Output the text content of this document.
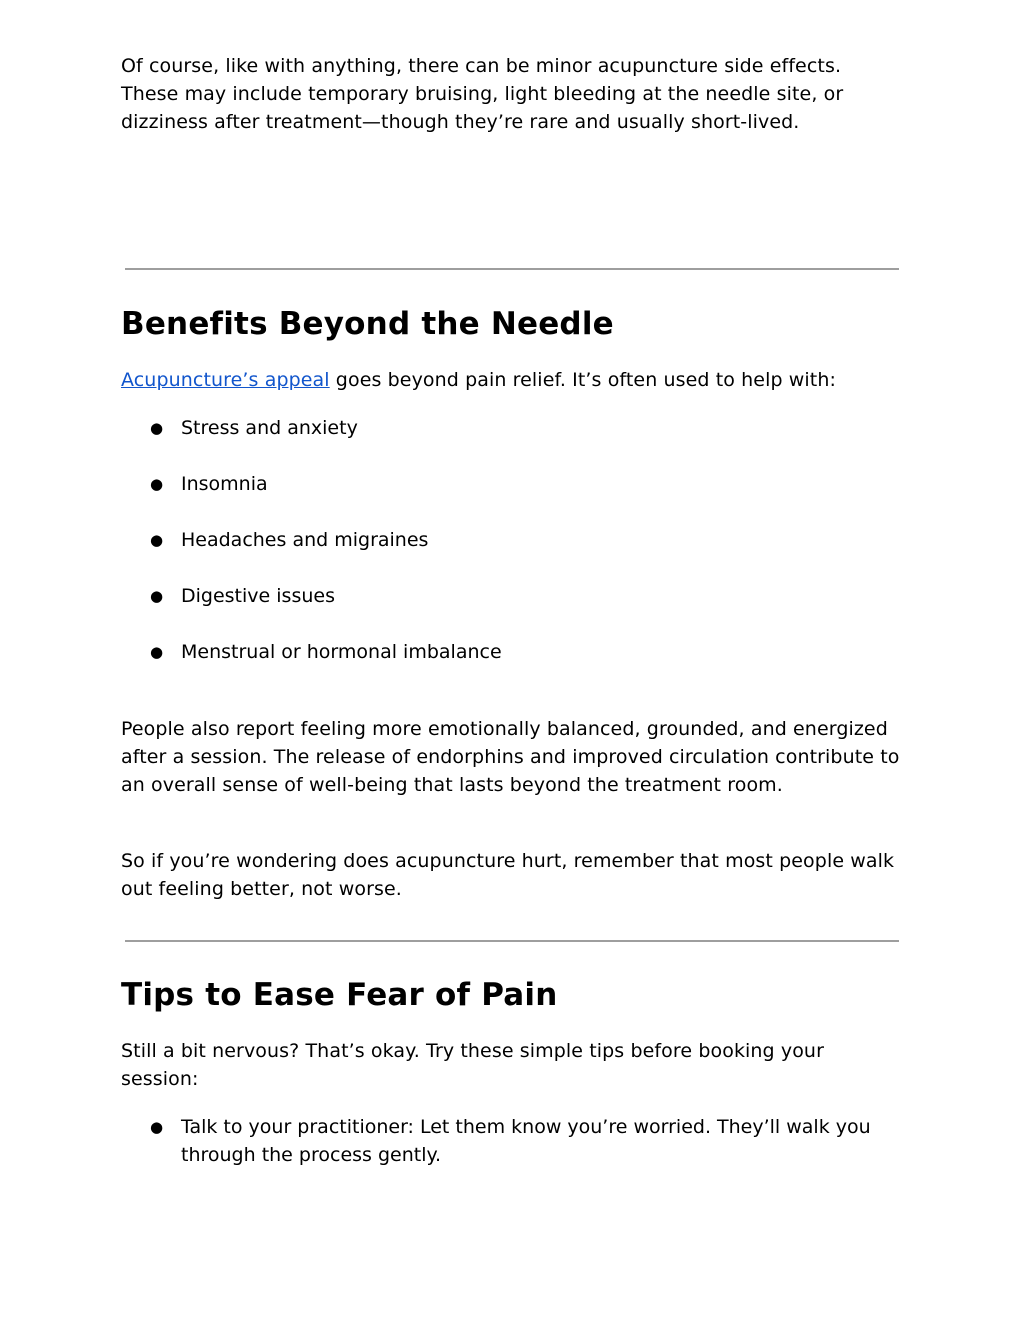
Of course, like with anything, there can be minor acupuncture side effects. These may include temporary bruising, light bleeding at the needle site, or dizziness after treatment—though they’re rare and usually short-lived.

Benefits Beyond the Needle

Acupuncture’s appeal goes beyond pain relief. It’s often used to help with:

● Stress and anxiety
● Insomnia
● Headaches and migraines
● Digestive issues
● Menstrual or hormonal imbalance

People also report feeling more emotionally balanced, grounded, and energized after a session. The release of endorphins and improved circulation contribute to an overall sense of well-being that lasts beyond the treatment room.

So if you’re wondering does acupuncture hurt, remember that most people walk out feeling better, not worse.

Tips to Ease Fear of Pain

Still a bit nervous? That’s okay. Try these simple tips before booking your session:

● Talk to your practitioner: Let them know you’re worried. They’ll walk you through the process gently.
